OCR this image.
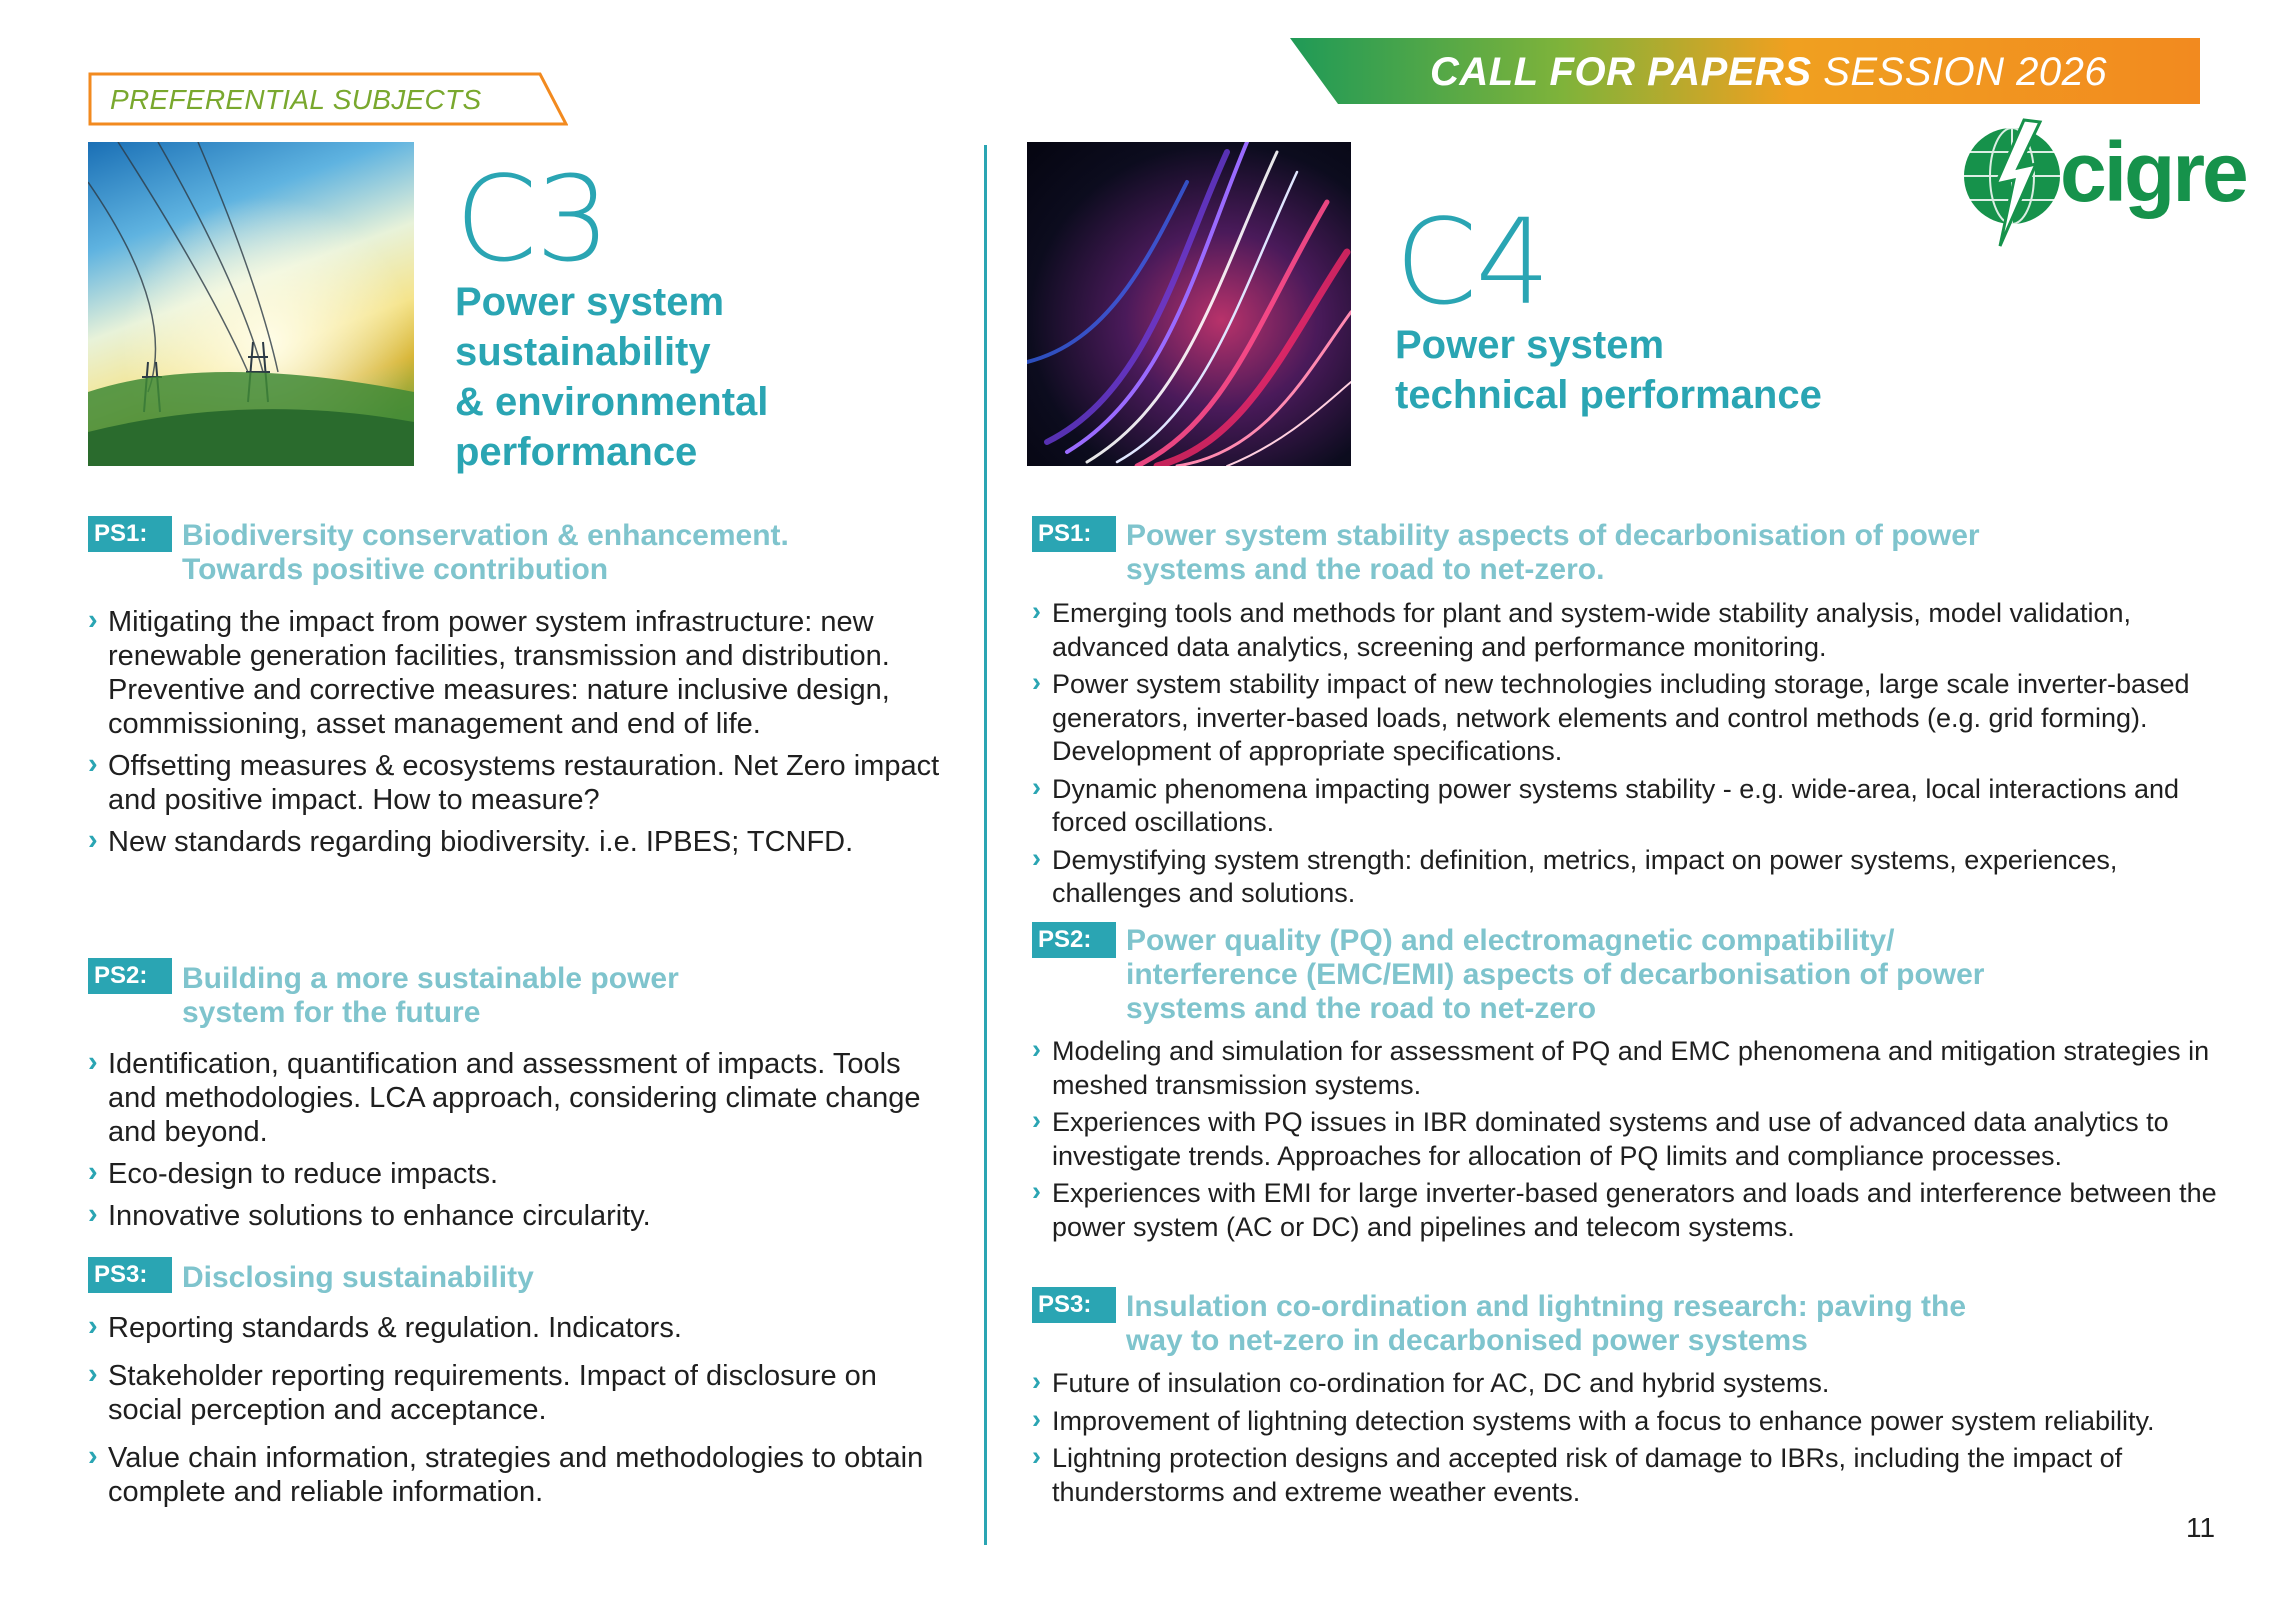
CALL FOR PAPERS SESSION 2026
cigre
PREFERENTIAL SUBJECTS
C3
Power system
sustainability
& environmental
performance
PS1:	Biodiversity conservation & enhancement.
Towards positive contribution
› Mitigating the impact from power system infrastructure: new renewable generation facilities, transmission and distribution. Preventive and corrective measures: nature inclusive design, commissioning, asset management and end of life.
› Offsetting measures & ecosystems restauration. Net Zero impact and positive impact. How to measure?
› New standards regarding biodiversity. i.e. IPBES; TCNFD.
PS2:	Building a more sustainable power
system for the future
› Identification, quantification and assessment of impacts. Tools and methodologies. LCA approach, considering climate change and beyond.
› Eco-design to reduce impacts.
› Innovative solutions to enhance circularity.
PS3:	Disclosing sustainability
› Reporting standards & regulation. Indicators.
› Stakeholder reporting requirements. Impact of disclosure on social perception and acceptance.
› Value chain information, strategies and methodologies to obtain complete and reliable information.
C4
Power system
technical performance
PS1:	Power system stability aspects of decarbonisation of power
systems and the road to net-zero.
› Emerging tools and methods for plant and system-wide stability analysis, model validation, advanced data analytics, screening and performance monitoring.
› Power system stability impact of new technologies including storage, large scale inverter-based generators, inverter-based loads, network elements and control methods (e.g. grid forming). Development of appropriate specifications.
› Dynamic phenomena impacting power systems stability - e.g. wide-area, local interactions and forced oscillations.
› Demystifying system strength: definition, metrics, impact on power systems, experiences, challenges and solutions.
PS2:	Power quality (PQ) and electromagnetic compatibility/
interference (EMC/EMI) aspects of decarbonisation of power
systems and the road to net-zero
› Modeling and simulation for assessment of PQ and EMC phenomena and mitigation strategies in meshed transmission systems.
› Experiences with PQ issues in IBR dominated systems and use of advanced data analytics to investigate trends. Approaches for allocation of PQ limits and compliance processes.
› Experiences with EMI for large inverter-based generators and loads and interference between the power system (AC or DC) and pipelines and telecom systems.
PS3:	Insulation co-ordination and lightning research: paving the
way to net-zero in decarbonised power systems
› Future of insulation co-ordination for AC, DC and hybrid systems.
› Improvement of lightning detection systems with a focus to enhance power system reliability.
› Lightning protection designs and accepted risk of damage to IBRs, including the impact of thunderstorms and extreme weather events.
11
